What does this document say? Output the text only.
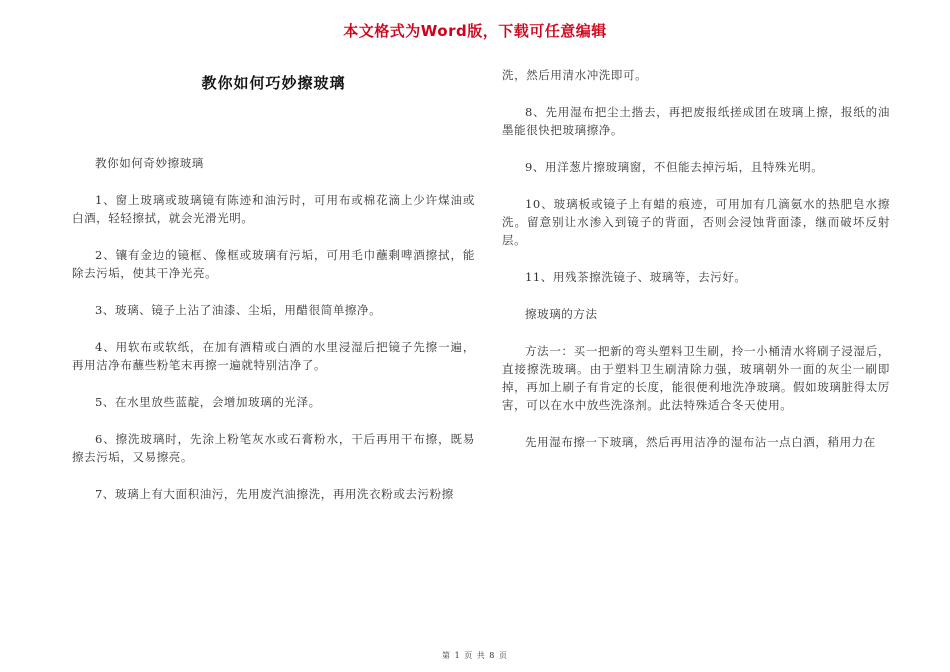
本文格式为Word版，下载可任意编辑
教你如何巧妙擦玻璃

教你如何奇妙擦玻璃

1、窗上玻璃或玻璃镜有陈迹和油污时，可用布或棉花滴上少许煤油或白酒，轻轻擦拭，就会光滑光明。

2、镶有金边的镜框、像框或玻璃有污垢，可用毛巾蘸剩啤酒擦拭，能除去污垢，使其干净光亮。

3、玻璃、镜子上沾了油漆、尘垢，用醋很简单擦净。

4、用软布或软纸，在加有酒精或白酒的水里浸湿后把镜子先擦一遍，再用洁净布蘸些粉笔末再擦一遍就特别洁净了。

5、在水里放些蓝靛，会增加玻璃的光泽。

6、擦洗玻璃时，先涂上粉笔灰水或石膏粉水，干后再用干布擦，既易擦去污垢，又易擦亮。

7、玻璃上有大面积油污，先用废汽油擦洗，再用洗衣粉或去污粉擦

洗，然后用清水冲洗即可。

8、先用湿布把尘土揩去，再把废报纸搓成团在玻璃上擦，报纸的油墨能很快把玻璃擦净。

9、用洋葱片擦玻璃窗，不但能去掉污垢，且特殊光明。

10、玻璃板或镜子上有蜡的痕迹，可用加有几滴氨水的热肥皂水擦洗。留意别让水渗入到镜子的背面，否则会浸蚀背面漆，继而破坏反射层。

11、用残茶擦洗镜子、玻璃等，去污好。

擦玻璃的方法

方法一：买一把新的弯头塑料卫生刷，拎一小桶清水将刷子浸湿后，直接擦洗玻璃。由于塑料卫生刷清除力强，玻璃朝外一面的灰尘一刷即掉，再加上刷子有肯定的长度，能很便利地洗净玻璃。假如玻璃脏得太厉害，可以在水中放些洗涤剂。此法特殊适合冬天使用。

先用湿布擦一下玻璃，然后再用洁净的湿布沾一点白酒，稍用力在

第 1 页 共 8 页
